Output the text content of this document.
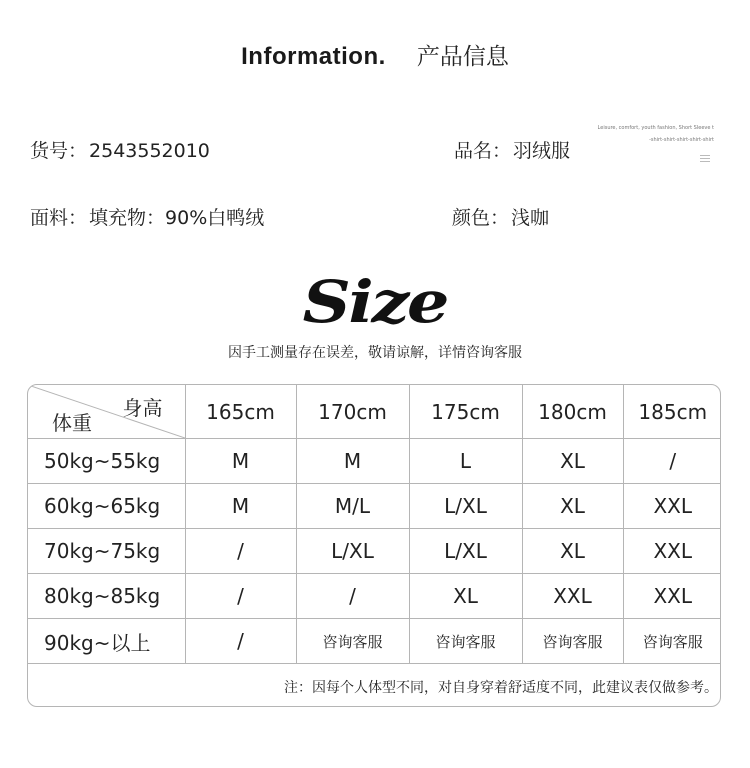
Information. 产品信息
货号： 2543552010	品名： 羽绒服
面料： 填充物：90%白鸭绒	颜色： 浅咖
Leisure, comfort, youth fashion, Short Sleeve t
-shirt-shirt-shirt-shirt-shirt
Size
因手工测量存在误差，敬请谅解，详情咨询客服
身高
体重	165cm	170cm	175cm	180cm	185cm
50kg~55kg	M	M	L	XL	/
60kg~65kg	M	M/L	L/XL	XL	XXL
70kg~75kg	/	L/XL	L/XL	XL	XXL
80kg~85kg	/	/	XL	XXL	XXL
90kg~以上	/	咨询客服	咨询客服	咨询客服	咨询客服
注：因每个人体型不同，对自身穿着舒适度不同，此建议表仅做参考。					
